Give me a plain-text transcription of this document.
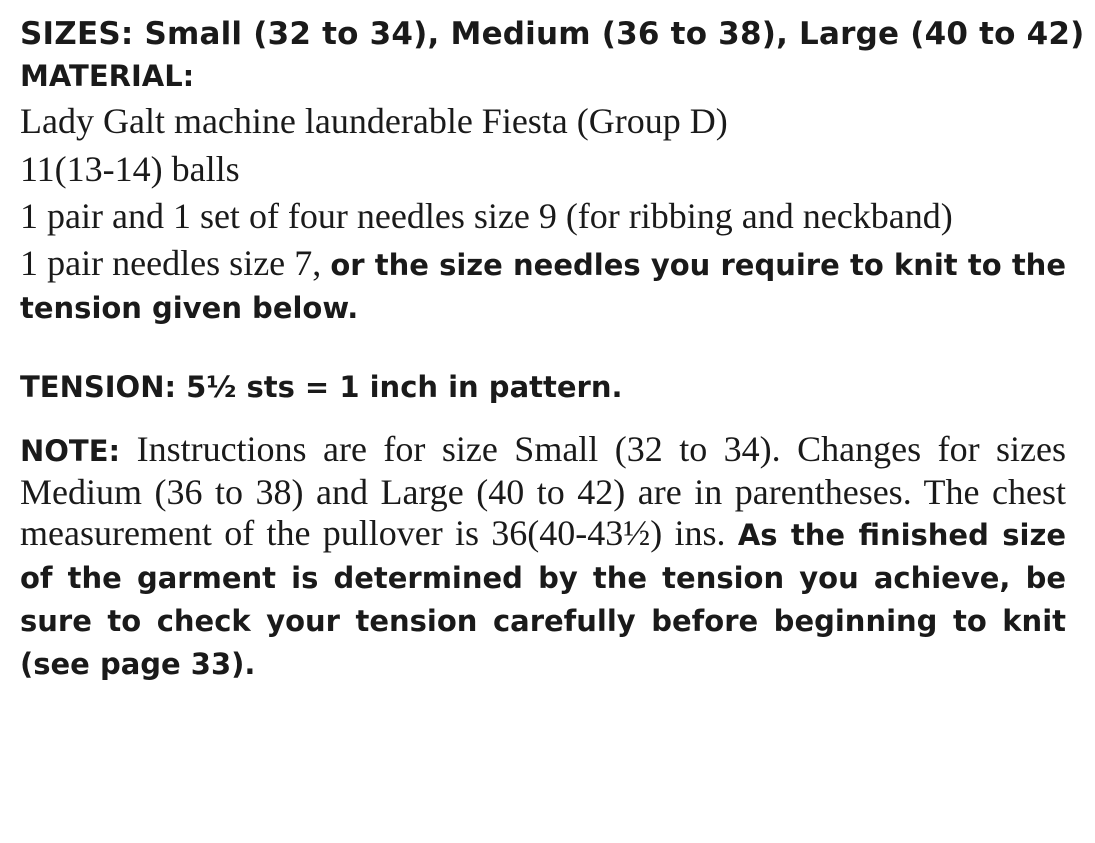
SIZES: Small (32 to 34), Medium (36 to 38), Large (40 to 42)

MATERIAL:

Lady Galt machine launderable Fiesta (Group D)

11(13-14) balls

1 pair and 1 set of four needles size 9 (for ribbing and neckband)

1 pair needles size 7, or the size needles you require to knit to the tension given below.

TENSION: 5½ sts = 1 inch in pattern.

NOTE: Instructions are for size Small (32 to 34). Changes for sizes Medium (36 to 38) and Large (40 to 42) are in parentheses. The chest measurement of the pullover is 36(40-43½) ins. As the finished size of the garment is determined by the tension you achieve, be sure to check your tension carefully before beginning to knit (see page 33).
